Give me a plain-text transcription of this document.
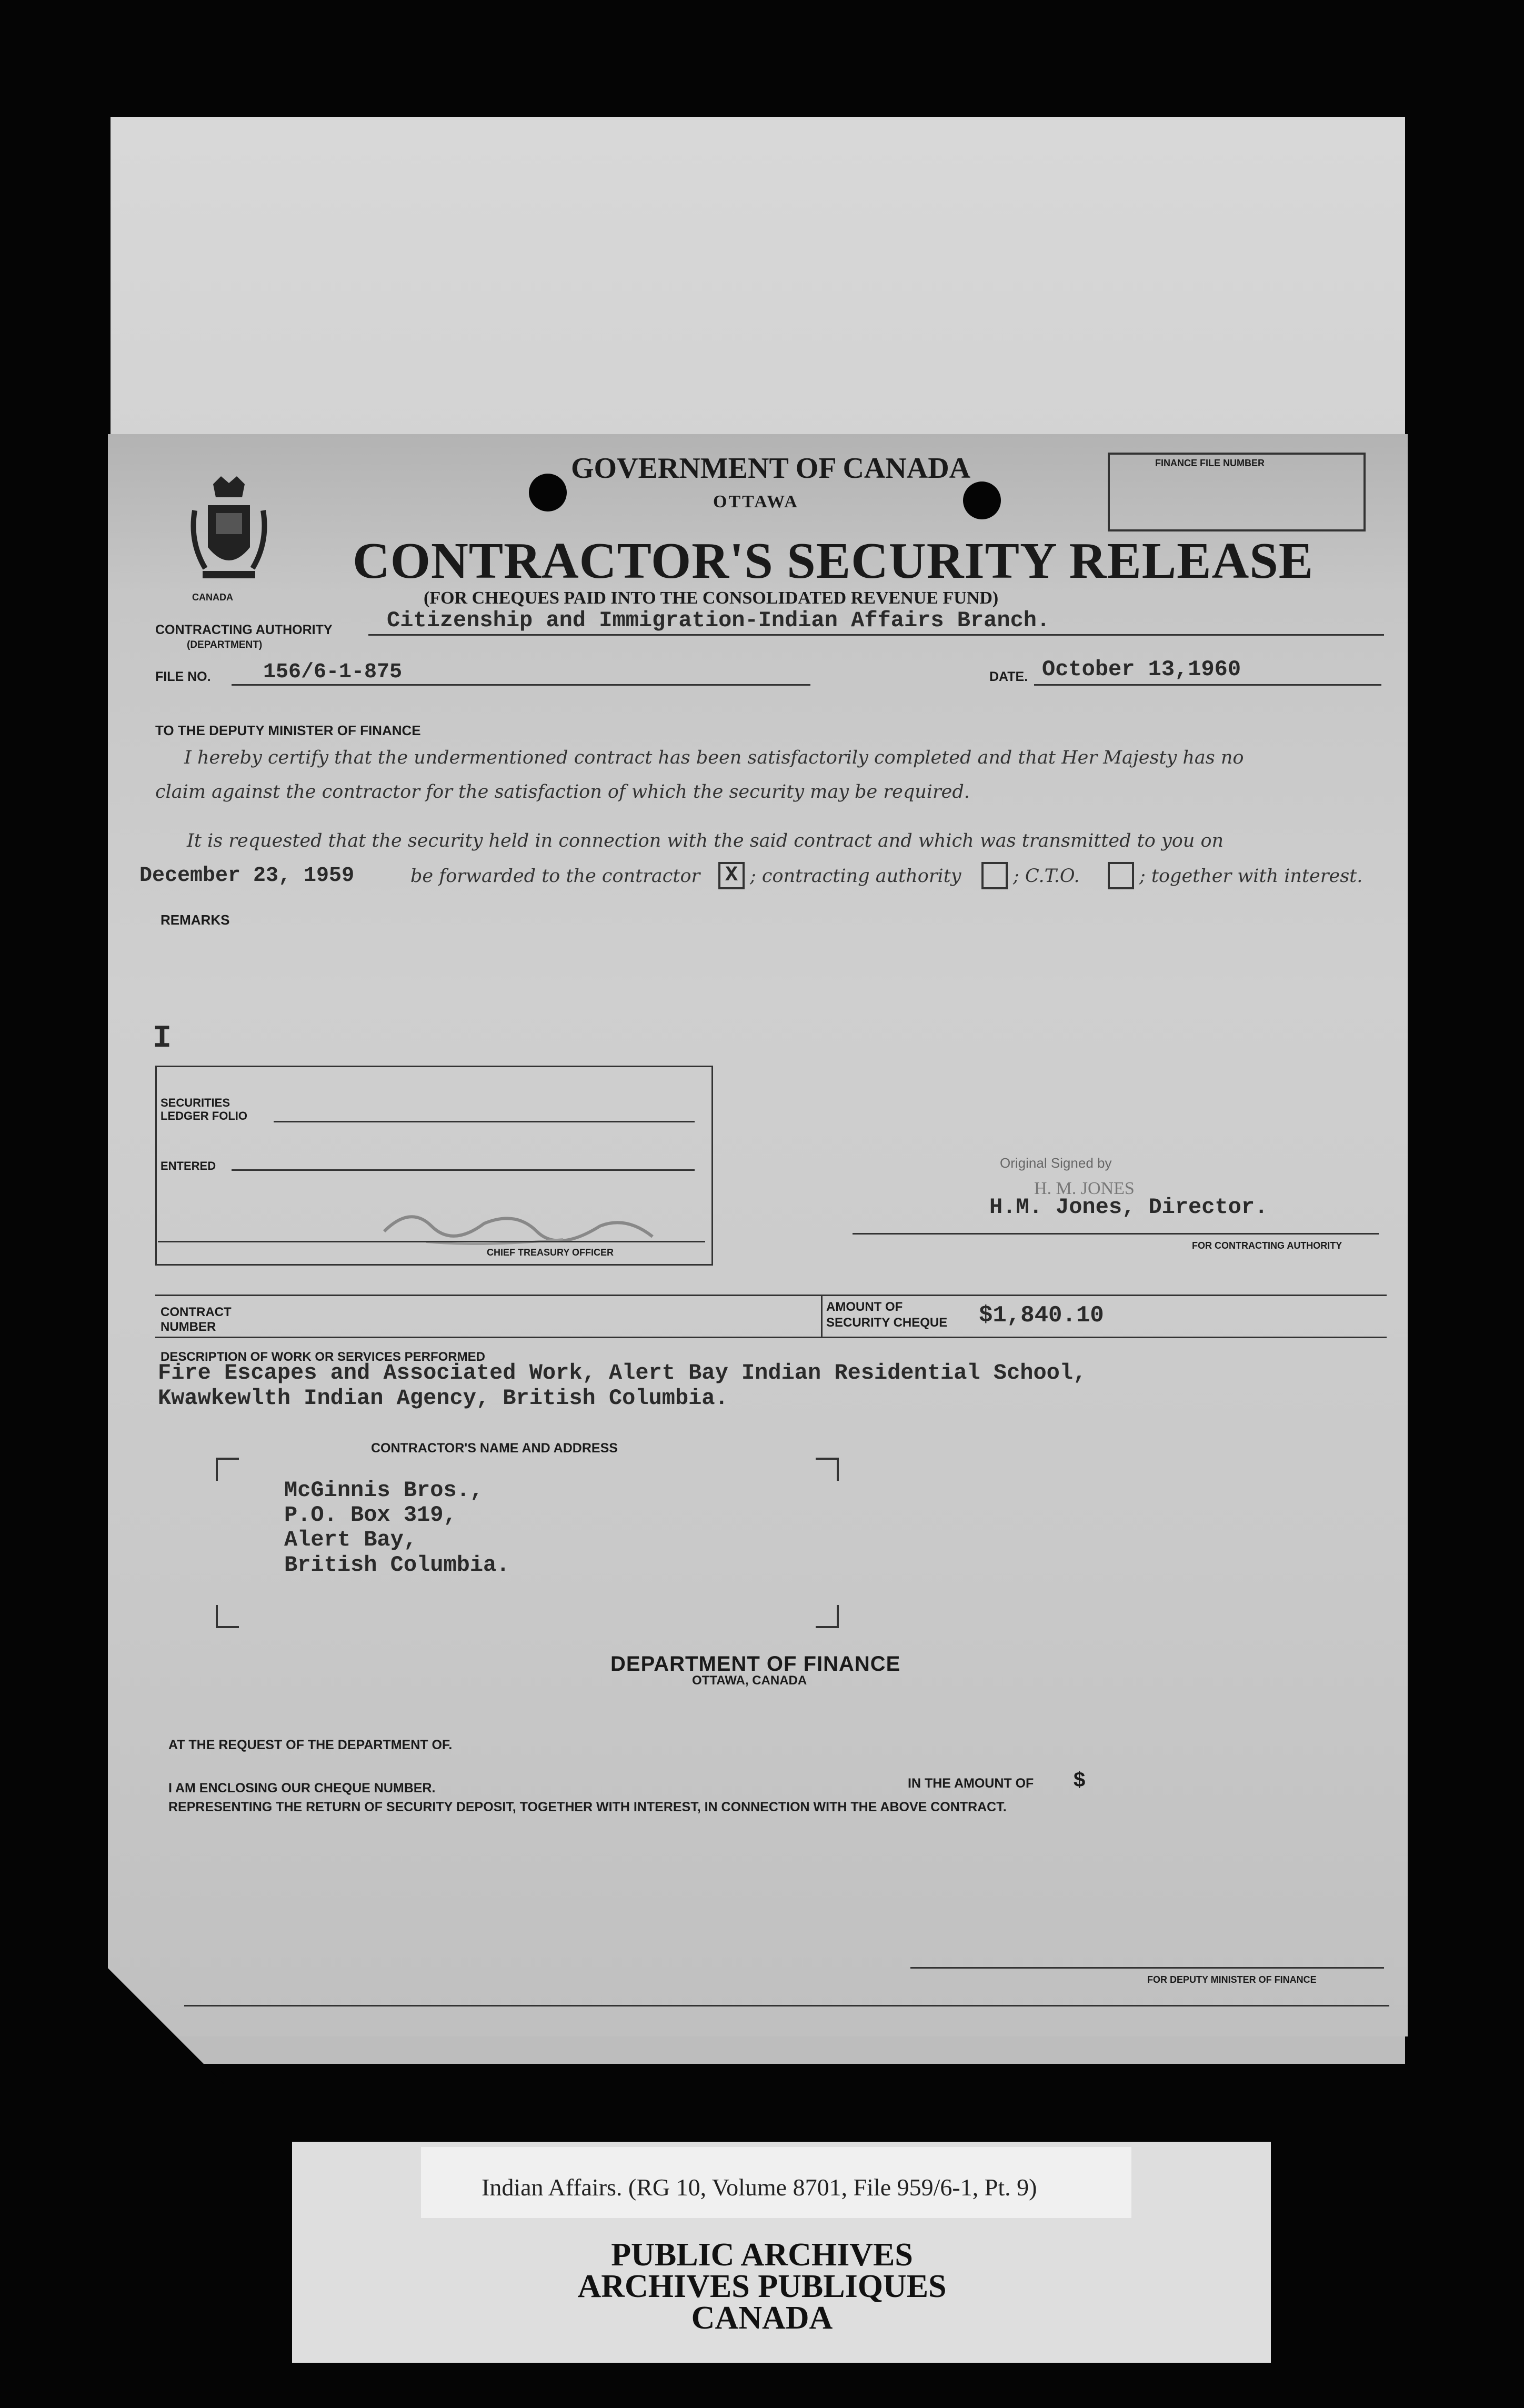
CANADA
GOVERNMENT OF CANADA
OTTAWA
FINANCE FILE NUMBER
CONTRACTOR'S SECURITY RELEASE
(FOR CHEQUES PAID INTO THE CONSOLIDATED REVENUE FUND)
CONTRACTING AUTHORITY
(DEPARTMENT)
Citizenship and Immigration-Indian Affairs Branch.
FILE NO. 156/6-1-875	DATE. October 13,1960
TO THE DEPUTY MINISTER OF FINANCE
I hereby certify that the undermentioned contract has been satisfactorily completed and that Her Majesty has no
claim against the contractor for the satisfaction of which the security may be required.
It is requested that the security held in connection with the said contract and which was transmitted to you on
December 23, 1959	be forwarded to the contractor	X ; contracting authority	; C.T.O.	; together with interest.
REMARKS
I
SECURITIES
LEDGER FOLIO
ENTERED
CHIEF TREASURY OFFICER
Original Signed by
H. M. JONES
H.M. Jones, Director.
FOR CONTRACTING AUTHORITY
CONTRACT
NUMBER
AMOUNT OF
SECURITY CHEQUE $1,840.10
DESCRIPTION OF WORK OR SERVICES PERFORMED
Fire Escapes and Associated Work, Alert Bay Indian Residential School,
Kwawkewlth Indian Agency, British Columbia.
CONTRACTOR'S NAME AND ADDRESS
McGinnis Bros.,
P.O. Box 319,
Alert Bay,
British Columbia.
DEPARTMENT OF FINANCE
OTTAWA, CANADA
AT THE REQUEST OF THE DEPARTMENT OF.
I AM ENCLOSING OUR CHEQUE NUMBER.	IN THE AMOUNT OF $
REPRESENTING THE RETURN OF SECURITY DEPOSIT, TOGETHER WITH INTEREST, IN CONNECTION WITH THE ABOVE CONTRACT.
FOR DEPUTY MINISTER OF FINANCE
Indian Affairs. (RG 10, Volume 8701, File 959/6-1, Pt. 9)
PUBLIC ARCHIVES
ARCHIVES PUBLIQUES
CANADA
